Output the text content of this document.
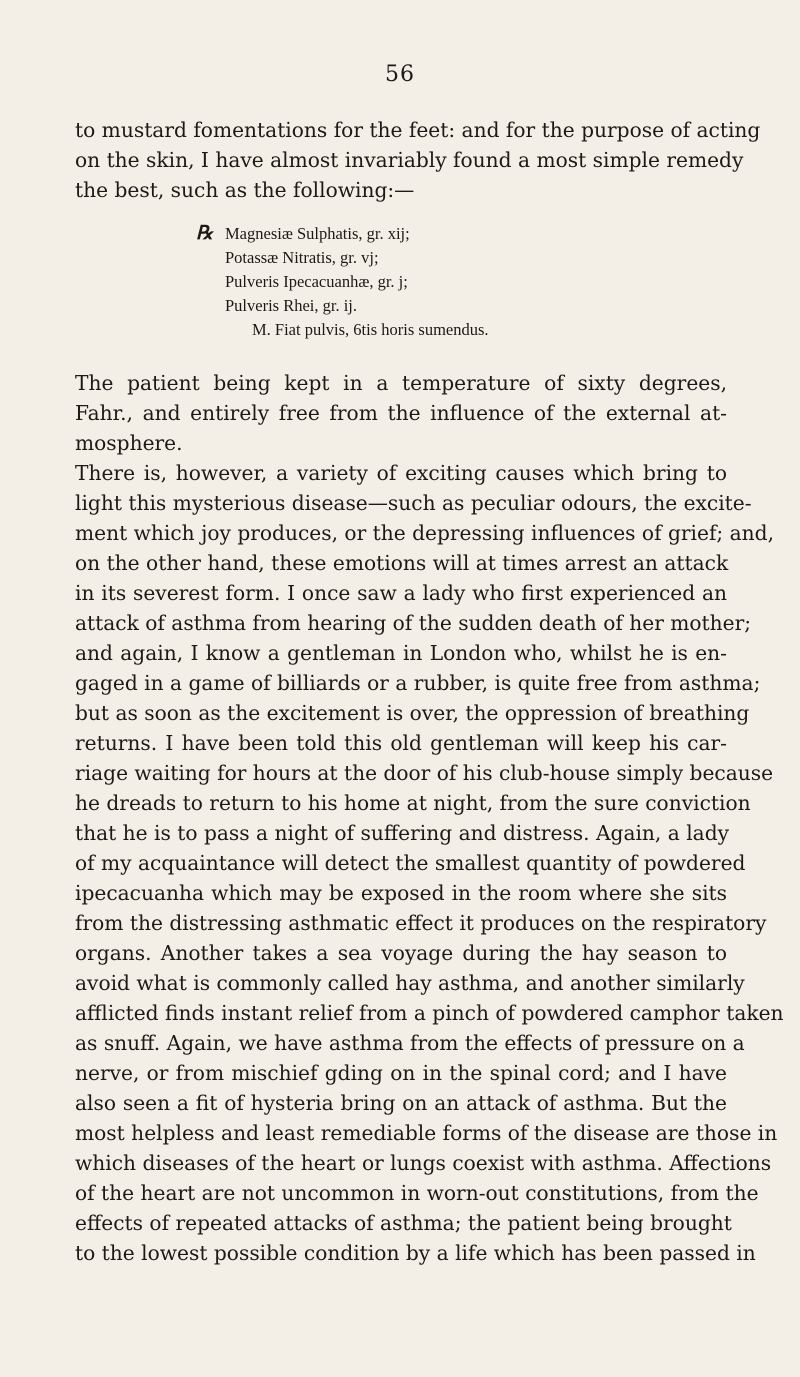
56
to mustard fomentations for the feet: and for the purpose of acting
on the skin, I have almost invariably found a most simple remedy
the best, such as the following:—
℞ Magnesiæ Sulphatis, gr. xij;
Potassæ Nitratis, gr. vj;
Pulveris Ipecacuanhæ, gr. j;
Pulveris Rhei, gr. ij.
M. Fiat pulvis, 6tis horis sumendus.
The patient being kept in a temperature of sixty degrees,
Fahr., and entirely free from the influence of the external at-
mosphere.
There is, however, a variety of exciting causes which bring to
light this mysterious disease—such as peculiar odours, the excite-
ment which joy produces, or the depressing influences of grief; and,
on the other hand, these emotions will at times arrest an attack
in its severest form. I once saw a lady who first experienced an
attack of asthma from hearing of the sudden death of her mother;
and again, I know a gentleman in London who, whilst he is en-
gaged in a game of billiards or a rubber, is quite free from asthma;
but as soon as the excitement is over, the oppression of breathing
returns. I have been told this old gentleman will keep his car-
riage waiting for hours at the door of his club-house simply because
he dreads to return to his home at night, from the sure conviction
that he is to pass a night of suffering and distress. Again, a lady
of my acquaintance will detect the smallest quantity of powdered
ipecacuanha which may be exposed in the room where she sits
from the distressing asthmatic effect it produces on the respiratory
organs. Another takes a sea voyage during the hay season to
avoid what is commonly called hay asthma, and another similarly
afflicted finds instant relief from a pinch of powdered camphor taken
as snuff. Again, we have asthma from the effects of pressure on a
nerve, or from mischief gding on in the spinal cord; and I have
also seen a fit of hysteria bring on an attack of asthma. But the
most helpless and least remediable forms of the disease are those in
which diseases of the heart or lungs coexist with asthma. Affections
of the heart are not uncommon in worn-out constitutions, from the
effects of repeated attacks of asthma; the patient being brought
to the lowest possible condition by a life which has been passed in
